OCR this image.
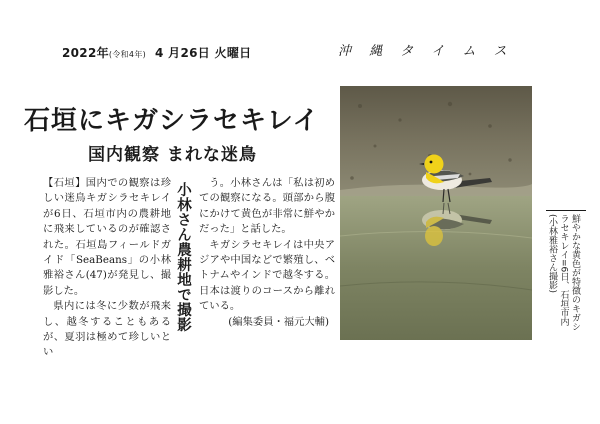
2022年(令和4年) 4 月26日 火曜日	沖 縄 タ イ ム ス
石垣にキガシラセキレイ
国内観察 まれな迷鳥

【石垣】国内での観察は珍しい迷鳥キガシラセキレイが6日、石垣市内の農耕地に飛来しているのが確認された。石垣島フィールドガイド「SeaBeans」の小林雅裕さん(47)が発見し、撮影した。

県内には冬に少数が飛来し、越冬することもあるが、夏羽は極めて珍しいとい

小林さん農耕地で撮影	う。小林さんは「私は初めての観察になる。頭部から腹にかけて黄色が非常に鮮やかだった」と話した。

キガシラセキレイは中央アジアや中国などで繁殖し、ベトナムやインドで越冬する。日本は渡りのコースから離れている。

(編集委員・福元大輔)	鮮やかな黄色が特徴のキガシラセキレイ=6日、石垣市内(小林雅裕さん撮影)
